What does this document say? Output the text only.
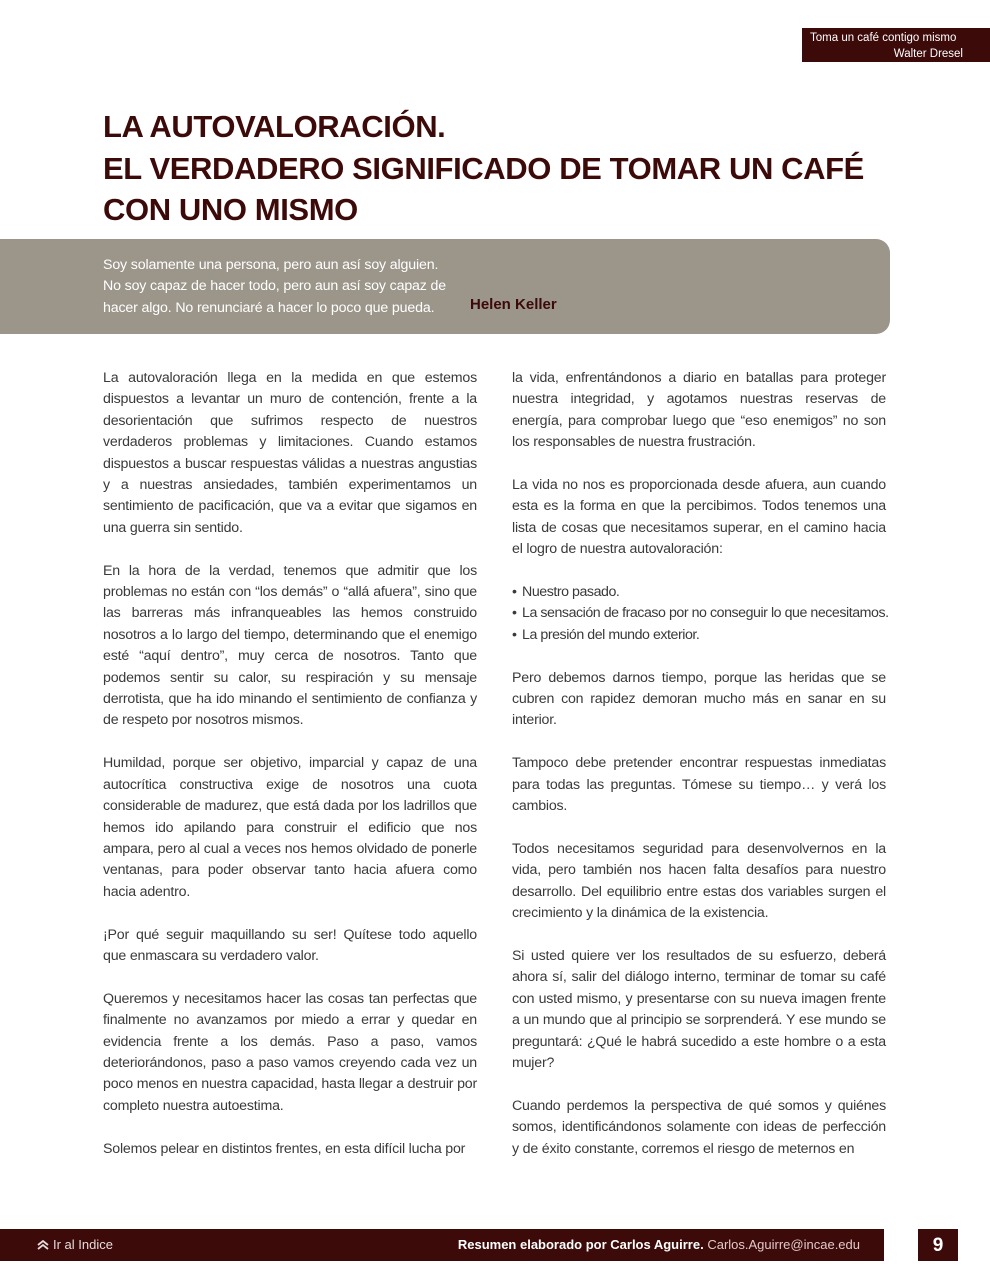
Toma un café contigo mismo
Walter Dresel
LA AUTOVALORACIÓN.
EL VERDADERO SIGNIFICADO DE TOMAR UN CAFÉ
CON UNO MISMO
Soy solamente una persona, pero aun así soy alguien.
No soy capaz de hacer todo, pero aun así soy capaz de
hacer algo. No renunciaré a hacer lo poco que pueda.	Helen Keller

La autovaloración llega en la medida en que estemos dispuestos a levantar un muro de contención, frente a la desorientación que sufrimos respecto de nuestros verdaderos problemas y limitaciones. Cuando estamos dispuestos a buscar respuestas válidas a nuestras angustias y a nuestras ansiedades, también experimentamos un sentimiento de pacificación, que va a evitar que sigamos en una guerra sin sentido.

En la hora de la verdad, tenemos que admitir que los problemas no están con “los demás” o “allá afuera”, sino que las barreras más infranqueables las hemos construido nosotros a lo largo del tiempo, determinando que el enemigo esté “aquí dentro”, muy cerca de nosotros. Tanto que podemos sentir su calor, su respiración y su mensaje derrotista, que ha ido minando el sentimiento de confianza y de respeto por nosotros mismos.

Humildad, porque ser objetivo, imparcial y capaz de una autocrítica constructiva exige de nosotros una cuota considerable de madurez, que está dada por los ladrillos que hemos ido apilando para construir el edificio que nos ampara, pero al cual a veces nos hemos olvidado de ponerle ventanas, para poder observar tanto hacia afuera como hacia adentro.

¡Por qué seguir maquillando su ser! Quítese todo aquello que enmascara su verdadero valor.

Queremos y necesitamos hacer las cosas tan perfectas que finalmente no avanzamos por miedo a errar y quedar en evidencia frente a los demás. Paso a paso, vamos deteriorándonos, paso a paso vamos creyendo cada vez un poco menos en nuestra capacidad, hasta llegar a destruir por completo nuestra autoestima.

Solemos pelear en distintos frentes, en esta difícil lucha por

la vida, enfrentándonos a diario en batallas para proteger nuestra integridad, y agotamos nuestras reservas de energía, para comprobar luego que “eso enemigos” no son los responsables de nuestra frustración.

La vida no nos es proporcionada desde afuera, aun cuando esta es la forma en que la percibimos. Todos tenemos una lista de cosas que necesitamos superar, en el camino hacia el logro de nuestra autovaloración:

• Nuestro pasado.
• La sensación de fracaso por no conseguir lo que necesitamos.
• La presión del mundo exterior.

Pero debemos darnos tiempo, porque las heridas que se cubren con rapidez demoran mucho más en sanar en su interior.

Tampoco debe pretender encontrar respuestas inmediatas para todas las preguntas. Tómese su tiempo… y verá los cambios.

Todos necesitamos seguridad para desenvolvernos en la vida, pero también nos hacen falta desafíos para nuestro desarrollo. Del equilibrio entre estas dos variables surgen el crecimiento y la dinámica de la existencia.

Si usted quiere ver los resultados de su esfuerzo, deberá ahora sí, salir del diálogo interno, terminar de tomar su café con usted mismo, y presentarse con su nueva imagen frente a un mundo que al principio se sorprenderá. Y ese mundo se preguntará: ¿Qué le habrá sucedido a este hombre o a esta mujer?

Cuando perdemos la perspectiva de qué somos y quiénes somos, identificándonos solamente con ideas de perfección y de éxito constante, corremos el riesgo de meternos en

Ir al Indice	Resumen elaborado por Carlos Aguirre. Carlos.Aguirre@incae.edu	9
